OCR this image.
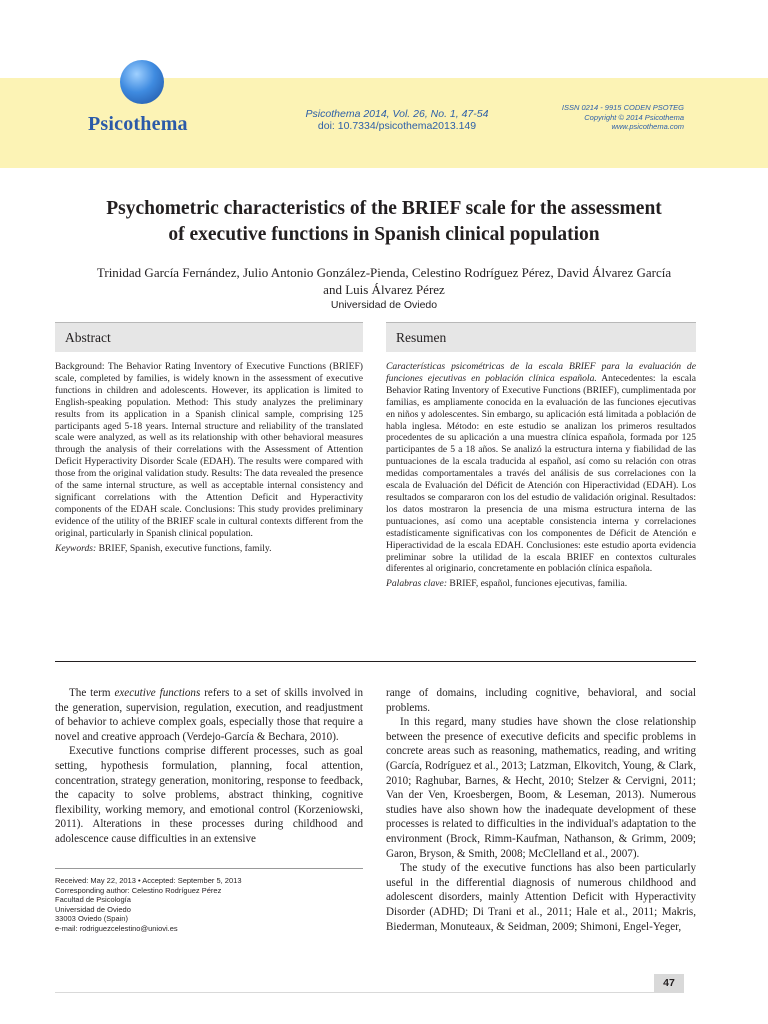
Psicothema	Psicothema 2014, Vol. 26, No. 1, 47-54
doi: 10.7334/psicothema2013.149
ISSN 0214 - 9915 CODEN PSOTEG
Copyright © 2014 Psicothema
www.psicothema.com
Psychometric characteristics of the BRIEF scale for the assessment
of executive functions in Spanish clinical population
Trinidad García Fernández, Julio Antonio González-Pienda, Celestino Rodríguez Pérez, David Álvarez García
and Luis Álvarez Pérez
Universidad de Oviedo
Abstract	Resumen

Background: The Behavior Rating Inventory of Executive Functions (BRIEF) scale, completed by families, is widely known in the assessment of executive functions in children and adolescents. However, its application is limited to English-speaking population. Method: This study analyzes the preliminary results from its application in a Spanish clinical sample, comprising 125 participants aged 5-18 years. Internal structure and reliability of the translated scale were analyzed, as well as its relationship with other behavioral measures through the analysis of their correlations with the Assessment of Attention Deficit Hyperactivity Disorder Scale (EDAH). The results were compared with those from the original validation study. Results: The data revealed the presence of the same internal structure, as well as acceptable internal consistency and significant correlations with the Attention Deficit and Hyperactivity components of the EDAH scale. Conclusions: This study provides preliminary evidence of the utility of the BRIEF scale in cultural contexts different from the original, particularly in Spanish clinical population.

Keywords: BRIEF, Spanish, executive functions, family.

Características psicométricas de la escala BRIEF para la evaluación de funciones ejecutivas en población clínica española. Antecedentes: la escala Behavior Rating Inventory of Executive Functions (BRIEF), cumplimentada por familias, es ampliamente conocida en la evaluación de las funciones ejecutivas en niños y adolescentes. Sin embargo, su aplicación está limitada a población de habla inglesa. Método: en este estudio se analizan los primeros resultados procedentes de su aplicación a una muestra clínica española, formada por 125 participantes de 5 a 18 años. Se analizó la estructura interna y fiabilidad de las puntuaciones de la escala traducida al español, así como su relación con otras medidas comportamentales a través del análisis de sus correlaciones con la escala de Evaluación del Déficit de Atención con Hiperactividad (EDAH). Los resultados se compararon con los del estudio de validación original. Resultados: los datos mostraron la presencia de una misma estructura interna de las puntuaciones, así como una aceptable consistencia interna y correlaciones estadísticamente significativas con los componentes de Déficit de Atención e Hiperactividad de la escala EDAH. Conclusiones: este estudio aporta evidencia preliminar sobre la utilidad de la escala BRIEF en contextos culturales diferentes al originario, concretamente en población clínica española.

Palabras clave: BRIEF, español, funciones ejecutivas, familia.

The term executive functions refers to a set of skills involved in the generation, supervision, regulation, execution, and readjustment of behavior to achieve complex goals, especially those that require a novel and creative approach (Verdejo-García & Bechara, 2010).

Executive functions comprise different processes, such as goal setting, hypothesis formulation, planning, focal attention, concentration, strategy generation, monitoring, response to feedback, the capacity to solve problems, abstract thinking, cognitive flexibility, working memory, and emotional control (Korzeniowski, 2011). Alterations in these processes during childhood and adolescence cause difficulties in an extensive

range of domains, including cognitive, behavioral, and social problems.

In this regard, many studies have shown the close relationship between the presence of executive deficits and specific problems in concrete areas such as reasoning, mathematics, reading, and writing (García, Rodríguez et al., 2013; Latzman, Elkovitch, Young, & Clark, 2010; Raghubar, Barnes, & Hecht, 2010; Stelzer & Cervigni, 2011; Van der Ven, Kroesbergen, Boom, & Leseman, 2013). Numerous studies have also shown how the inadequate development of these processes is related to difficulties in the individual's adaptation to the environment (Brock, Rimm-Kaufman, Nathanson, & Grimm, 2009; Garon, Bryson, & Smith, 2008; McClelland et al., 2007).

The study of the executive functions has also been particularly useful in the differential diagnosis of numerous childhood and adolescent disorders, mainly Attention Deficit with Hyperactivity Disorder (ADHD; Di Trani et al., 2011; Hale et al., 2011; Makris, Biederman, Monuteaux, & Seidman, 2009; Shimoni, Engel-Yeger,

Received: May 22, 2013 • Accepted: September 5, 2013
Corresponding author: Celestino Rodríguez Pérez
Facultad de Psicología
Universidad de Oviedo
33003 Oviedo (Spain)
e-mail: rodriguezcelestino@uniovi.es
47
